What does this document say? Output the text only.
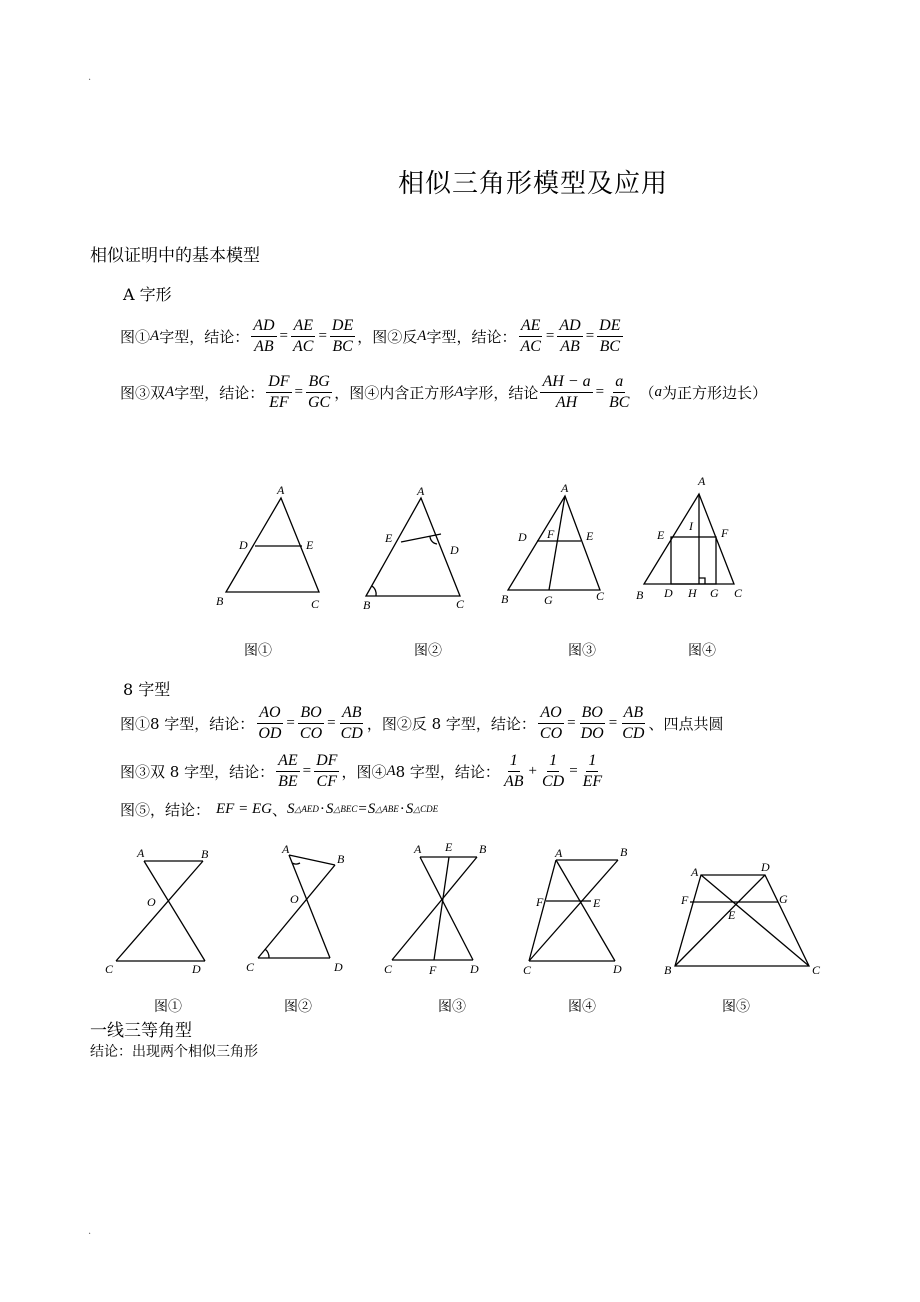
.
.
相似三角形模型及应用
相似证明中的基本模型
A 字形
图① A 字型，结论： $\frac{AD}{AB} = \frac{AE}{AC} = \frac{DE}{BC}$ ，图②反 A 字型，结论： $\frac{AE}{AC} = \frac{AD}{AB} = \frac{DE}{BC}$
图③双 A 字型，结论： $\frac{DF}{EF} = \frac{BG}{GC}$ ，图④内含正方形 A 字形，结论 $\frac{AH - a}{AH} = \frac{a}{BC}$ （ a 为正方形边长）
A
D	E
B	C
A
E
D
B	C
A
D F	E
B	G	C
A
E
I F
B D H G C
图①	图②	图③	图④
8 字型
图①8 字型，结论： $\frac{AO}{OD} = \frac{BO}{CO} = \frac{AB}{CD}$ ，图②反 8 字型，结论： $\frac{AO}{CO} = \frac{BO}{DO} = \frac{AB}{CD}$ 、四点共圆
图③双 8 字型，结论： $\frac{AE}{BE} = \frac{DF}{CF}$ ，图④ A 8 字型，结论： $\frac{1}{AB} + \frac{1}{CD} = \frac{1}{EF}$
图⑤，结论： EF = EG 、 S △AED · S △BEC = S △ABE · S △CDE
A	B
O
C	D
A
B
O
C	D
A E B
C	F	D
A	B
F	E
C	D
A	D
F	G
E
B	C
图①	图②	图③	图④	图⑤
一线三等角型
结论：出现两个相似三角形
